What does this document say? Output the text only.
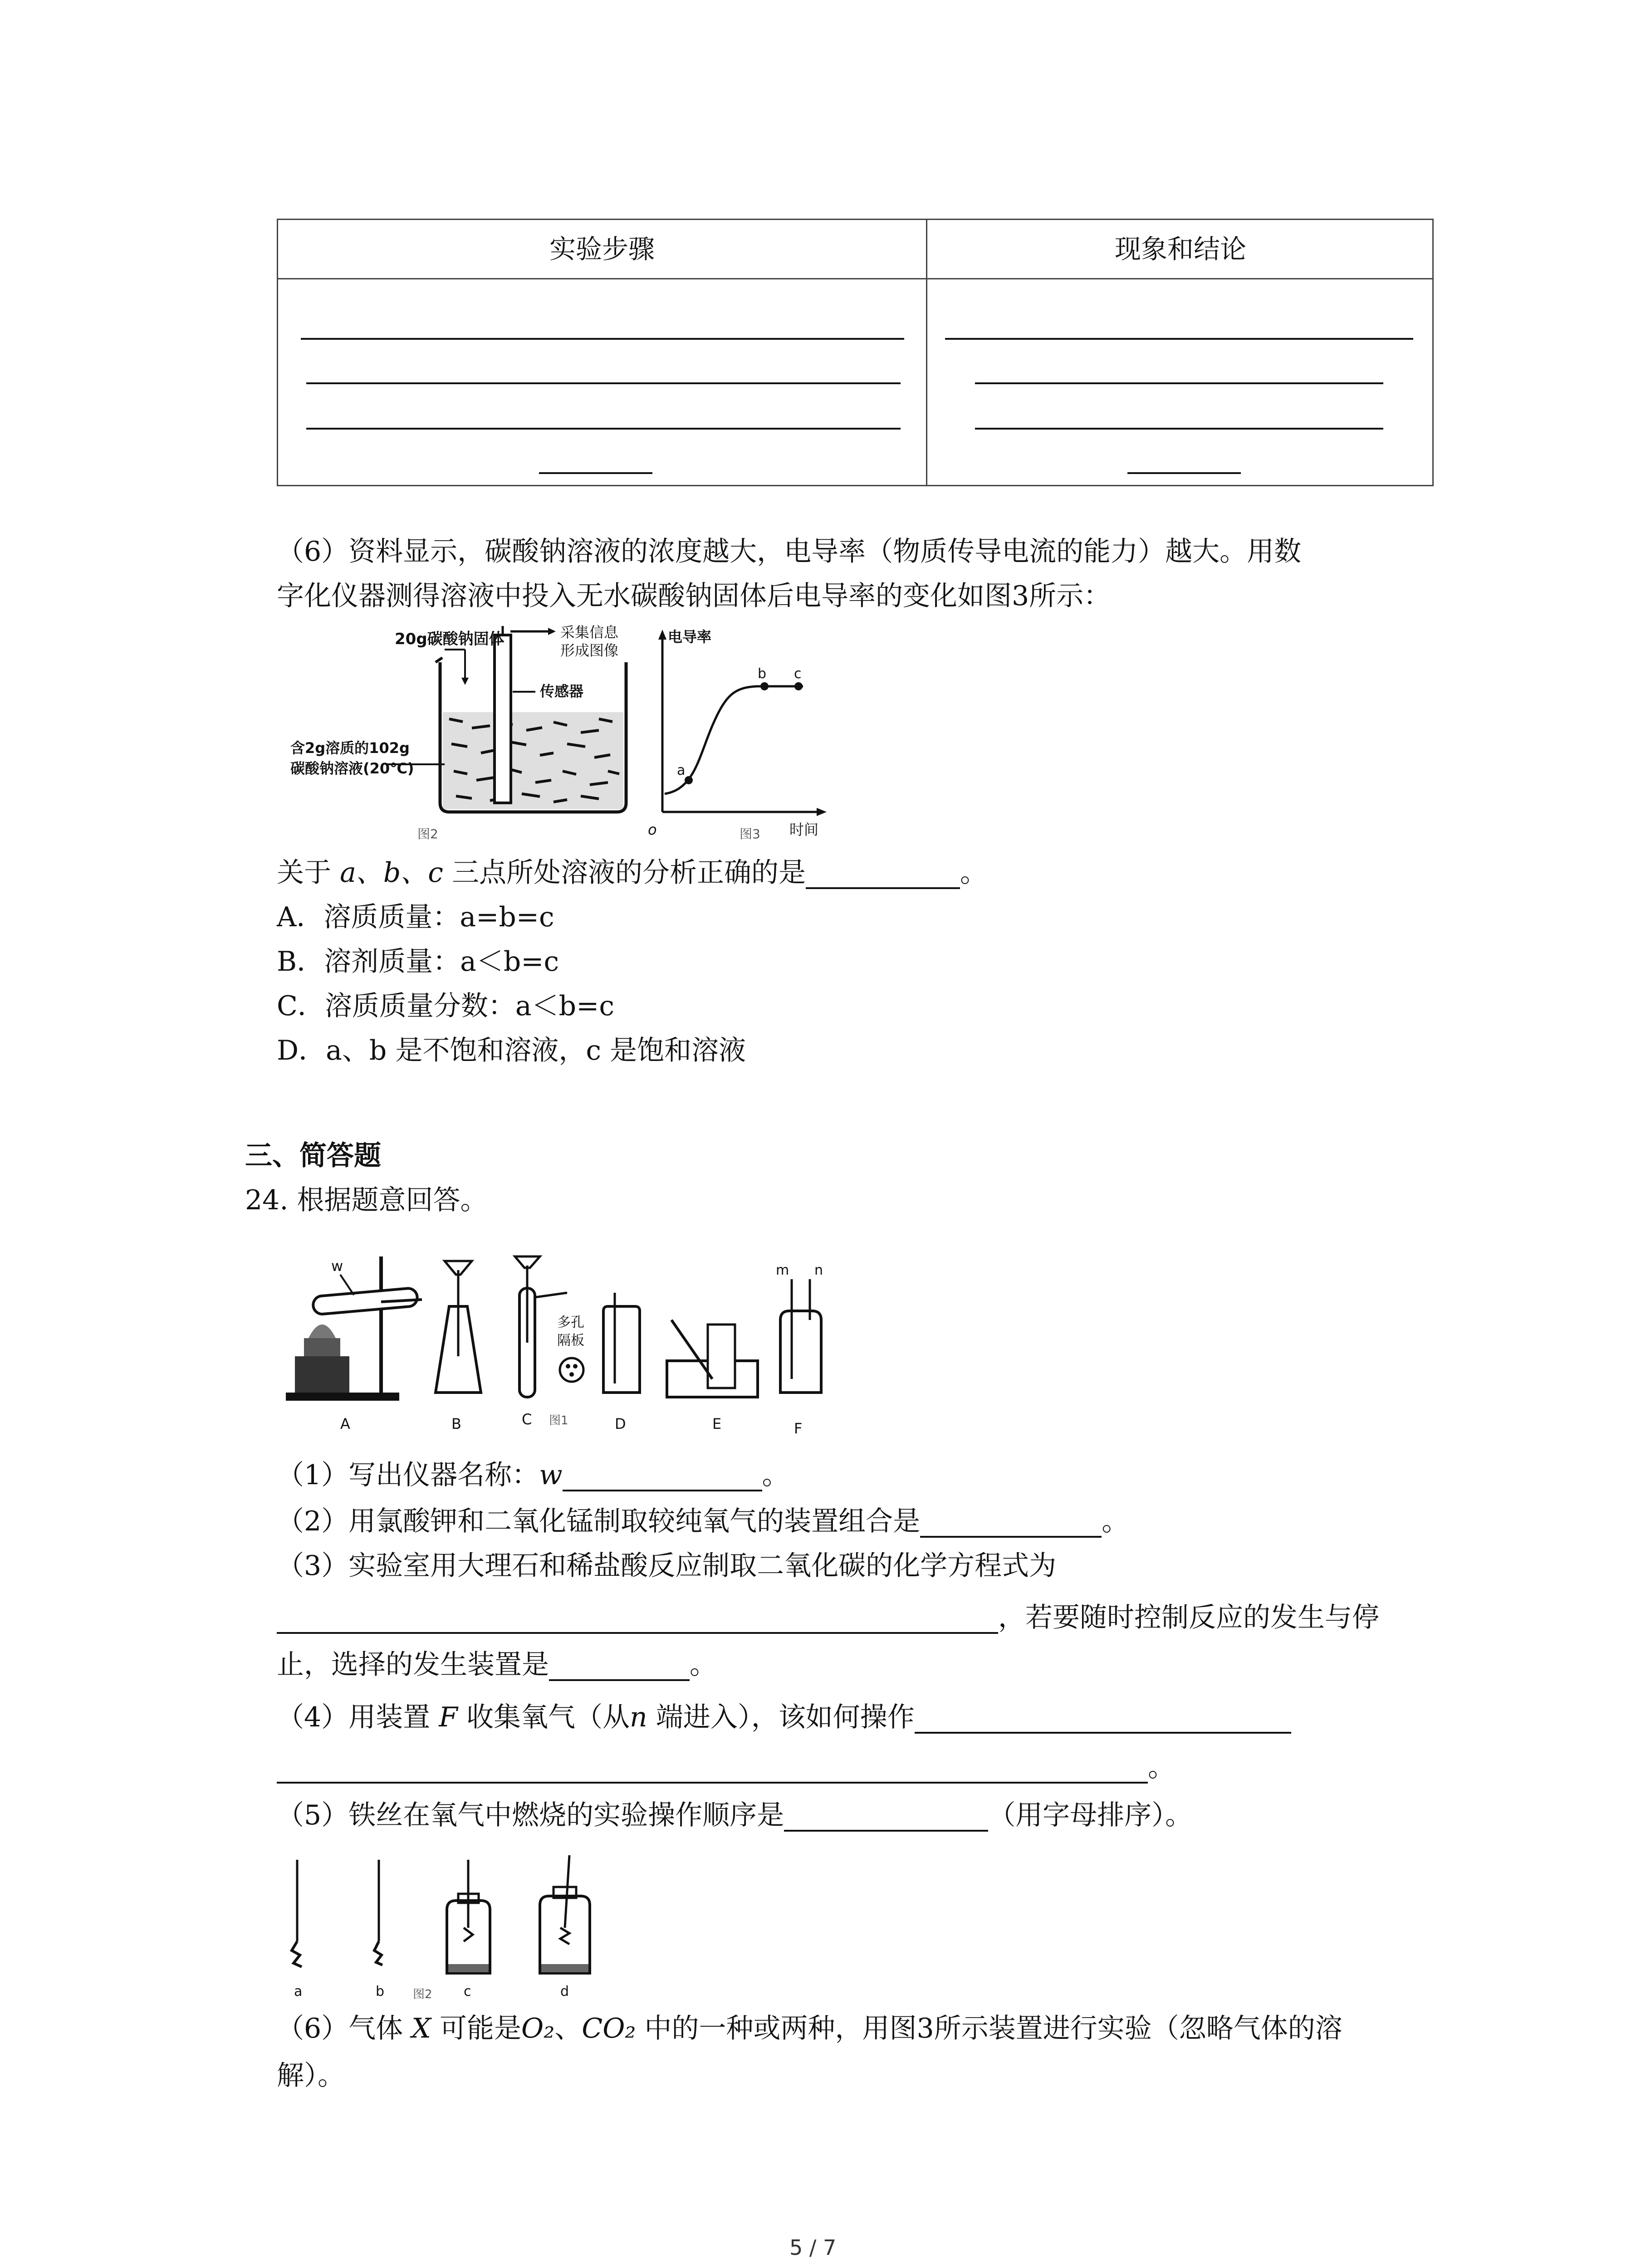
实验步骤	现象和结论
（6）资料显示，碳酸钠溶液的浓度越大，电导率（物质传导电流的能力）越大。用数
字化仪器测得溶液中投入无水碳酸钠固体后电导率的变化如图3所示：
20g碳酸钠固体	采集信息
形成图像
传感器
含2g溶质的102g
碳酸钠溶液(20℃)
图2
电导率
时间
o
a
b c
图3
关于 a、b、c 三点所处溶液的分析正确的是	。
A．溶质质量：a=b=c
B．溶剂质量：a＜b=c
C．溶质质量分数：a＜b=c
D．a、b 是不饱和溶液，c 是饱和溶液
三、简答题
24. 根据题意回答。
w
A	B
多孔
隔板
C 图1	D	E
m n
F
（1）写出仪器名称：w	。
（2）用氯酸钾和二氧化锰制取较纯氧气的装置组合是	。
（3）实验室用大理石和稀盐酸反应制取二氧化碳的化学方程式为
，若要随时控制反应的发生与停
止，选择的发生装置是	。
（4）用装置 F 收集氧气（从n 端进入），该如何操作
。
（5）铁丝在氧气中燃烧的实验操作顺序是	（用字母排序）。
a	b 图2 c	d
（6）气体 X 可能是O₂、CO₂ 中的一种或两种，用图3所示装置进行实验（忽略气体的溶
解）。
5 / 7
